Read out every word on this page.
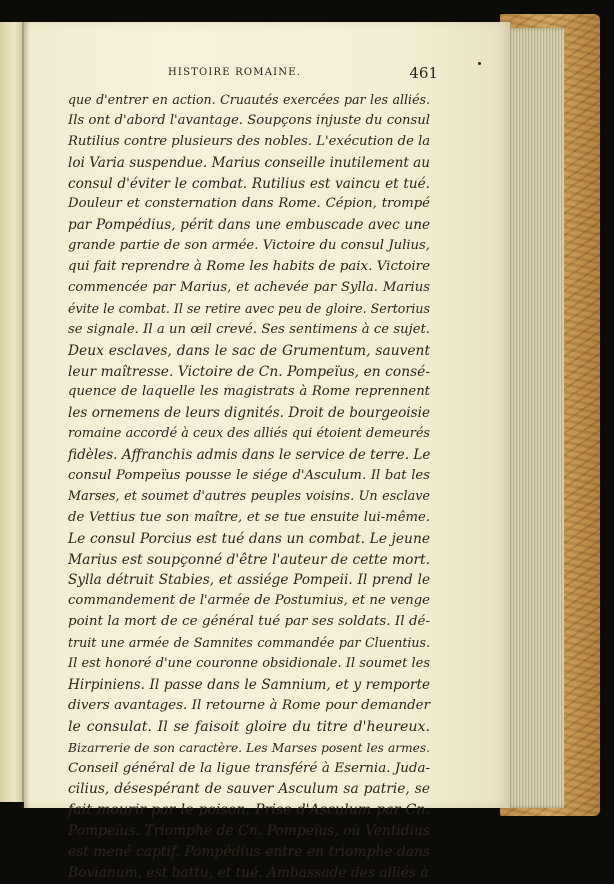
HISTOIRE ROMAINE.	461
que d'entrer en action. Cruautés exercées par les alliés.
Ils ont d'abord l'avantage. Soupçons injuste du consul
Rutilius contre plusieurs des nobles. L'exécution de la
loi Varia suspendue. Marius conseille inutilement au
consul d'éviter le combat. Rutilius est vaincu et tué.
Douleur et consternation dans Rome. Cépion, trompé
par Pompédius, périt dans une embuscade avec une
grande partie de son armée. Victoire du consul Julius,
qui fait reprendre à Rome les habits de paix. Victoire
commencée par Marius, et achevée par Sylla. Marius
évite le combat. Il se retire avec peu de gloire. Sertorius
se signale. Il a un œil crevé. Ses sentimens à ce sujet.
Deux esclaves, dans le sac de Grumentum, sauvent
leur maîtresse. Victoire de Cn. Pompeïus, en consé-
quence de laquelle les magistrats à Rome reprennent
les ornemens de leurs dignités. Droit de bourgeoisie
romaine accordé à ceux des alliés qui étoient demeurés
fidèles. Affranchis admis dans le service de terre. Le
consul Pompeïus pousse le siége d'Asculum. Il bat les
Marses, et soumet d'autres peuples voisins. Un esclave
de Vettius tue son maître, et se tue ensuite lui-même.
Le consul Porcius est tué dans un combat. Le jeune
Marius est soupçonné d'être l'auteur de cette mort.
Sylla détruit Stabies, et assiége Pompeii. Il prend le
commandement de l'armée de Postumius, et ne venge
point la mort de ce général tué par ses soldats. Il dé-
truit une armée de Samnites commandée par Cluentius.
Il est honoré d'une couronne obsidionale. Il soumet les
Hirpiniens. Il passe dans le Samnium, et y remporte
divers avantages. Il retourne à Rome pour demander
le consulat. Il se faisoit gloire du titre d'heureux.
Bizarrerie de son caractère. Les Marses posent les armes.
Conseil général de la ligue transféré à Esernia. Juda-
cilius, désespérant de sauver Asculum sa patrie, se
fait mourir par le poison. Prise d'Asculum par Cn.
Pompeïus. Triomphe de Cn. Pompeïus, où Ventidius
est mené captif. Pompédius entre en triomphe dans
Bovianum, est battu, et tué. Ambassade des alliés à
